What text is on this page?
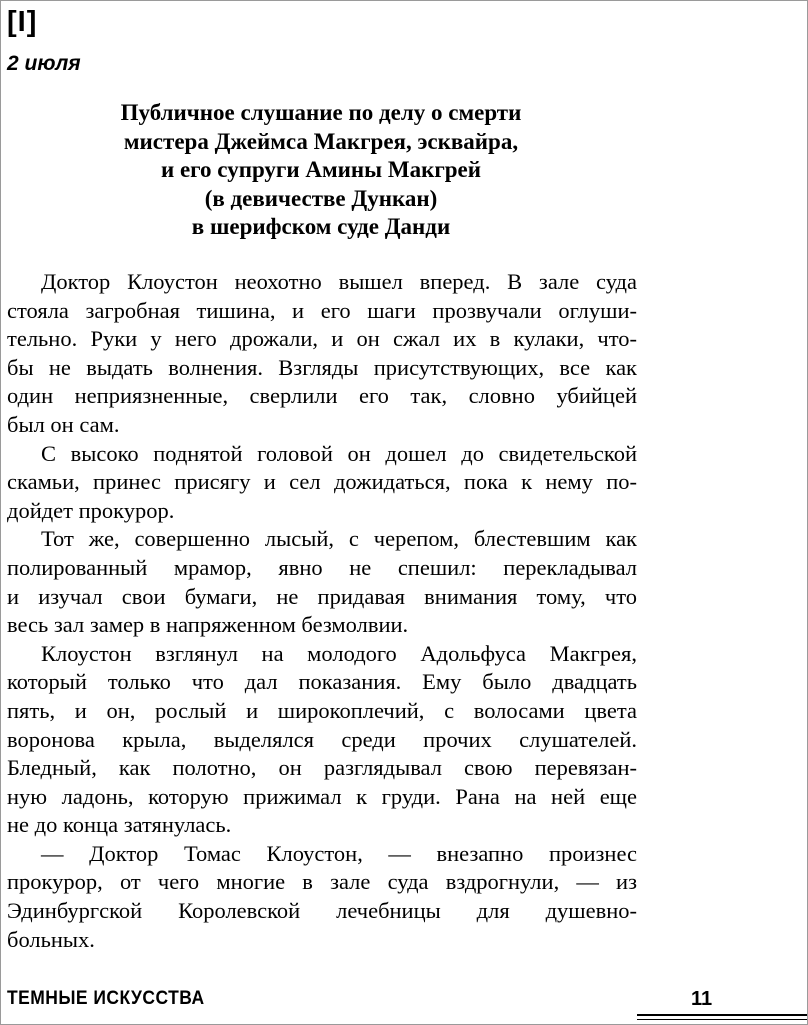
[I]
2 июля
Публичное слушание по делу о смерти
мистера Джеймса Макгрея, эсквайра,
и его супруги Амины Макгрей
(в девичестве Дункан)
в шерифском суде Данди
Доктор Клоустон неохотно вышел вперед. В зале суда
стояла загробная тишина, и его шаги прозвучали оглуши-
тельно. Руки у него дрожали, и он сжал их в кулаки, что-
бы не выдать волнения. Взгляды присутствующих, все как
один неприязненные, сверлили его так, словно убийцей
был он сам.
С высоко поднятой головой он дошел до свидетельской
скамьи, принес присягу и сел дожидаться, пока к нему по-
дойдет прокурор.
Тот же, совершенно лысый, с черепом, блестевшим как
полированный мрамор, явно не спешил: перекладывал
и изучал свои бумаги, не придавая внимания тому, что
весь зал замер в напряженном безмолвии.
Клоустон взглянул на молодого Адольфуса Макгрея,
который только что дал показания. Ему было двадцать
пять, и он, рослый и широкоплечий, с волосами цвета
воронова крыла, выделялся среди прочих слушателей.
Бледный, как полотно, он разглядывал свою перевязан-
ную ладонь, которую прижимал к груди. Рана на ней еще
не до конца затянулась.
— Доктор Томас Клоустон, — внезапно произнес
прокурор, от чего многие в зале суда вздрогнули, — из
Эдинбургской Королевской лечебницы для душевно-
больных.
ТЕМНЫЕ ИСКУССТВА	11
